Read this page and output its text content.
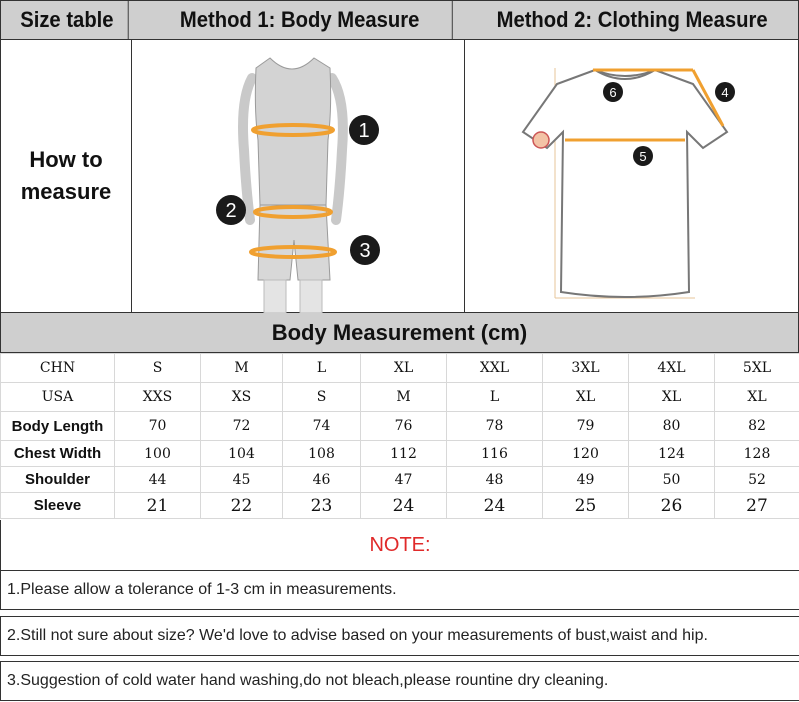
Size table	Method 1: Body Measure	Method 2: Clothing Measure
How to
measure
1
2
3
6	4
5
Body Measurement (cm)
CHN	S	M	L	XL	XXL	3XL	4XL	5XL
USA	XXS	XS	S	M	L	XL	XL	XL
Body Length	70	72	74	76	78	79	80	82
Chest Width	100	104	108	112	116	120	124	128
Shoulder	44	45	46	47	48	49	50	52
Sleeve	21	22	23	24	24	25	26	27
NOTE:
1.Please allow a tolerance of 1-3 cm in measurements.
2.Still not sure about size? We'd love to advise based on your measurements of bust,waist and hip.
3.Suggestion of cold water hand washing,do not bleach,please rountine dry cleaning.
